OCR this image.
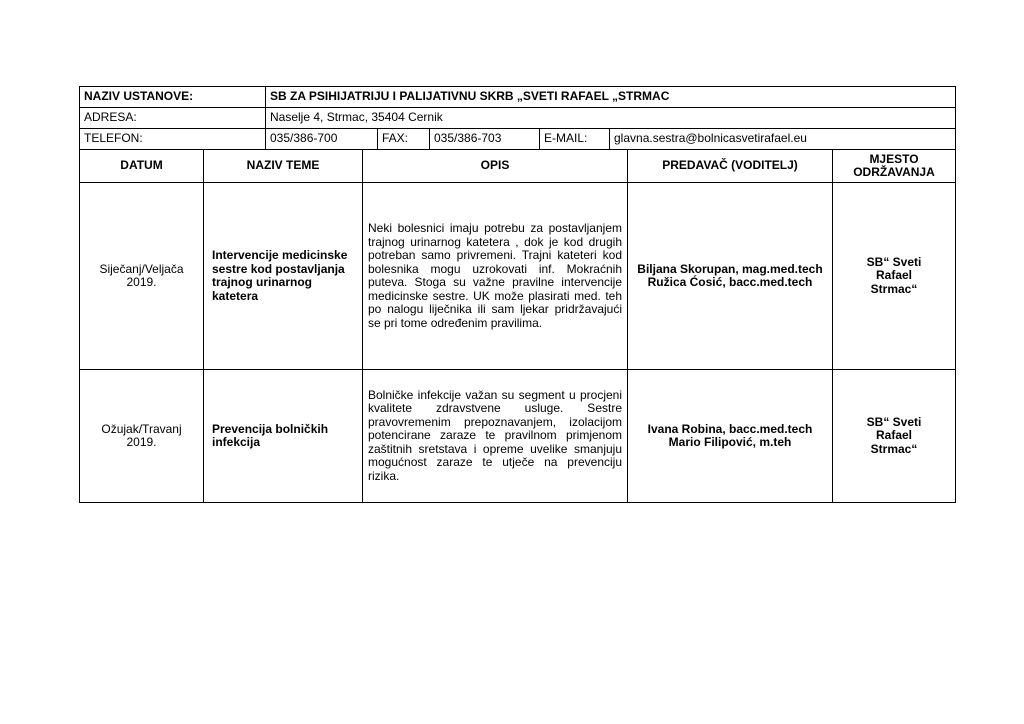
NAZIV USTANOVE:	SB ZA PSIHIJATRIJU I PALIJATIVNU SKRB „SVETI RAFAEL „STRMAC				
ADRESA:	Naselje 4, Strmac, 35404 Cernik				
TELEFON:	035/386-700	FAX:	035/386-703	E-MAIL:	glavna.sestra@bolnicasvetirafael.eu
DATUM	NAZIV TEME	OPIS	PREDAVAČ (VODITELJ)	MJESTO ODRŽAVANJA
Siječanj/Veljača 2019.	Intervencije medicinske sestre kod postavljanja trajnog urinarnog katetera	Neki bolesnici imaju potrebu za postavljanjem trajnog urinarnog katetera , dok je kod drugih potreban samo privremeni. Trajni kateteri kod bolesnika mogu uzrokovati inf. Mokraćnih puteva. Stoga su važne pravilne intervencije medicinske sestre. UK može plasirati med. teh po nalogu liječnika ili sam ljekar pridržavajući se pri tome određenim pravilima.	Biljana Skorupan, mag.med.tech Ružica Ćosić, bacc.med.tech	SB“ Sveti Rafael Strmac“
Ožujak/Travanj 2019.	Prevencija bolničkih infekcija	Bolničke infekcije važan su segment u procjeni kvalitete zdravstvene usluge. Sestre pravovremenim prepoznavanjem, izolacijom potencirane zaraze te pravilnom primjenom zaštitnih sretstava i opreme uvelike smanjuju mogućnost zaraze te utječe na prevenciju rizika.	Ivana Robina, bacc.med.tech Mario Filipović, m.teh	SB“ Sveti Rafael Strmac“
